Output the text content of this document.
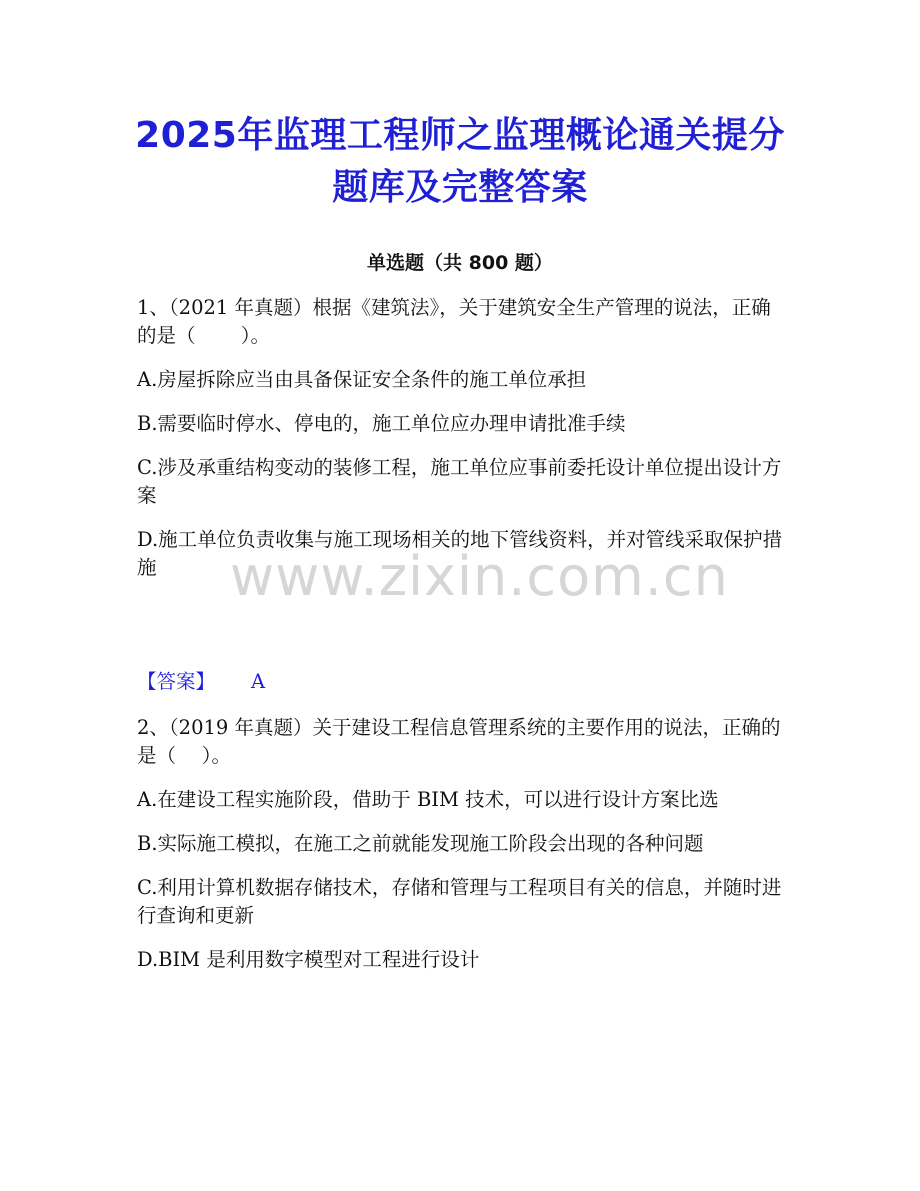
www.zixin.com.cn
2025年监理工程师之监理概论通关提分题库及完整答案
单选题（共 800 题）
1、（2021 年真题）根据《建筑法》，关于建筑安全生产管理的说法，正确的是（　　 ）。
A.房屋拆除应当由具备保证安全条件的施工单位承担
B.需要临时停水、停电的，施工单位应办理申请批准手续
C.涉及承重结构变动的装修工程，施工单位应事前委托设计单位提出设计方案
D.施工单位负责收集与施工现场相关的地下管线资料，并对管线采取保护措施
【答案】 A
2、（2019 年真题）关于建设工程信息管理系统的主要作用的说法，正确的是（　 ）。
A.在建设工程实施阶段，借助于 BIM 技术，可以进行设计方案比选
B.实际施工模拟，在施工之前就能发现施工阶段会出现的各种问题
C.利用计算机数据存储技术，存储和管理与工程项目有关的信息，并随时进行查询和更新
D.BIM 是利用数字模型对工程进行设计
